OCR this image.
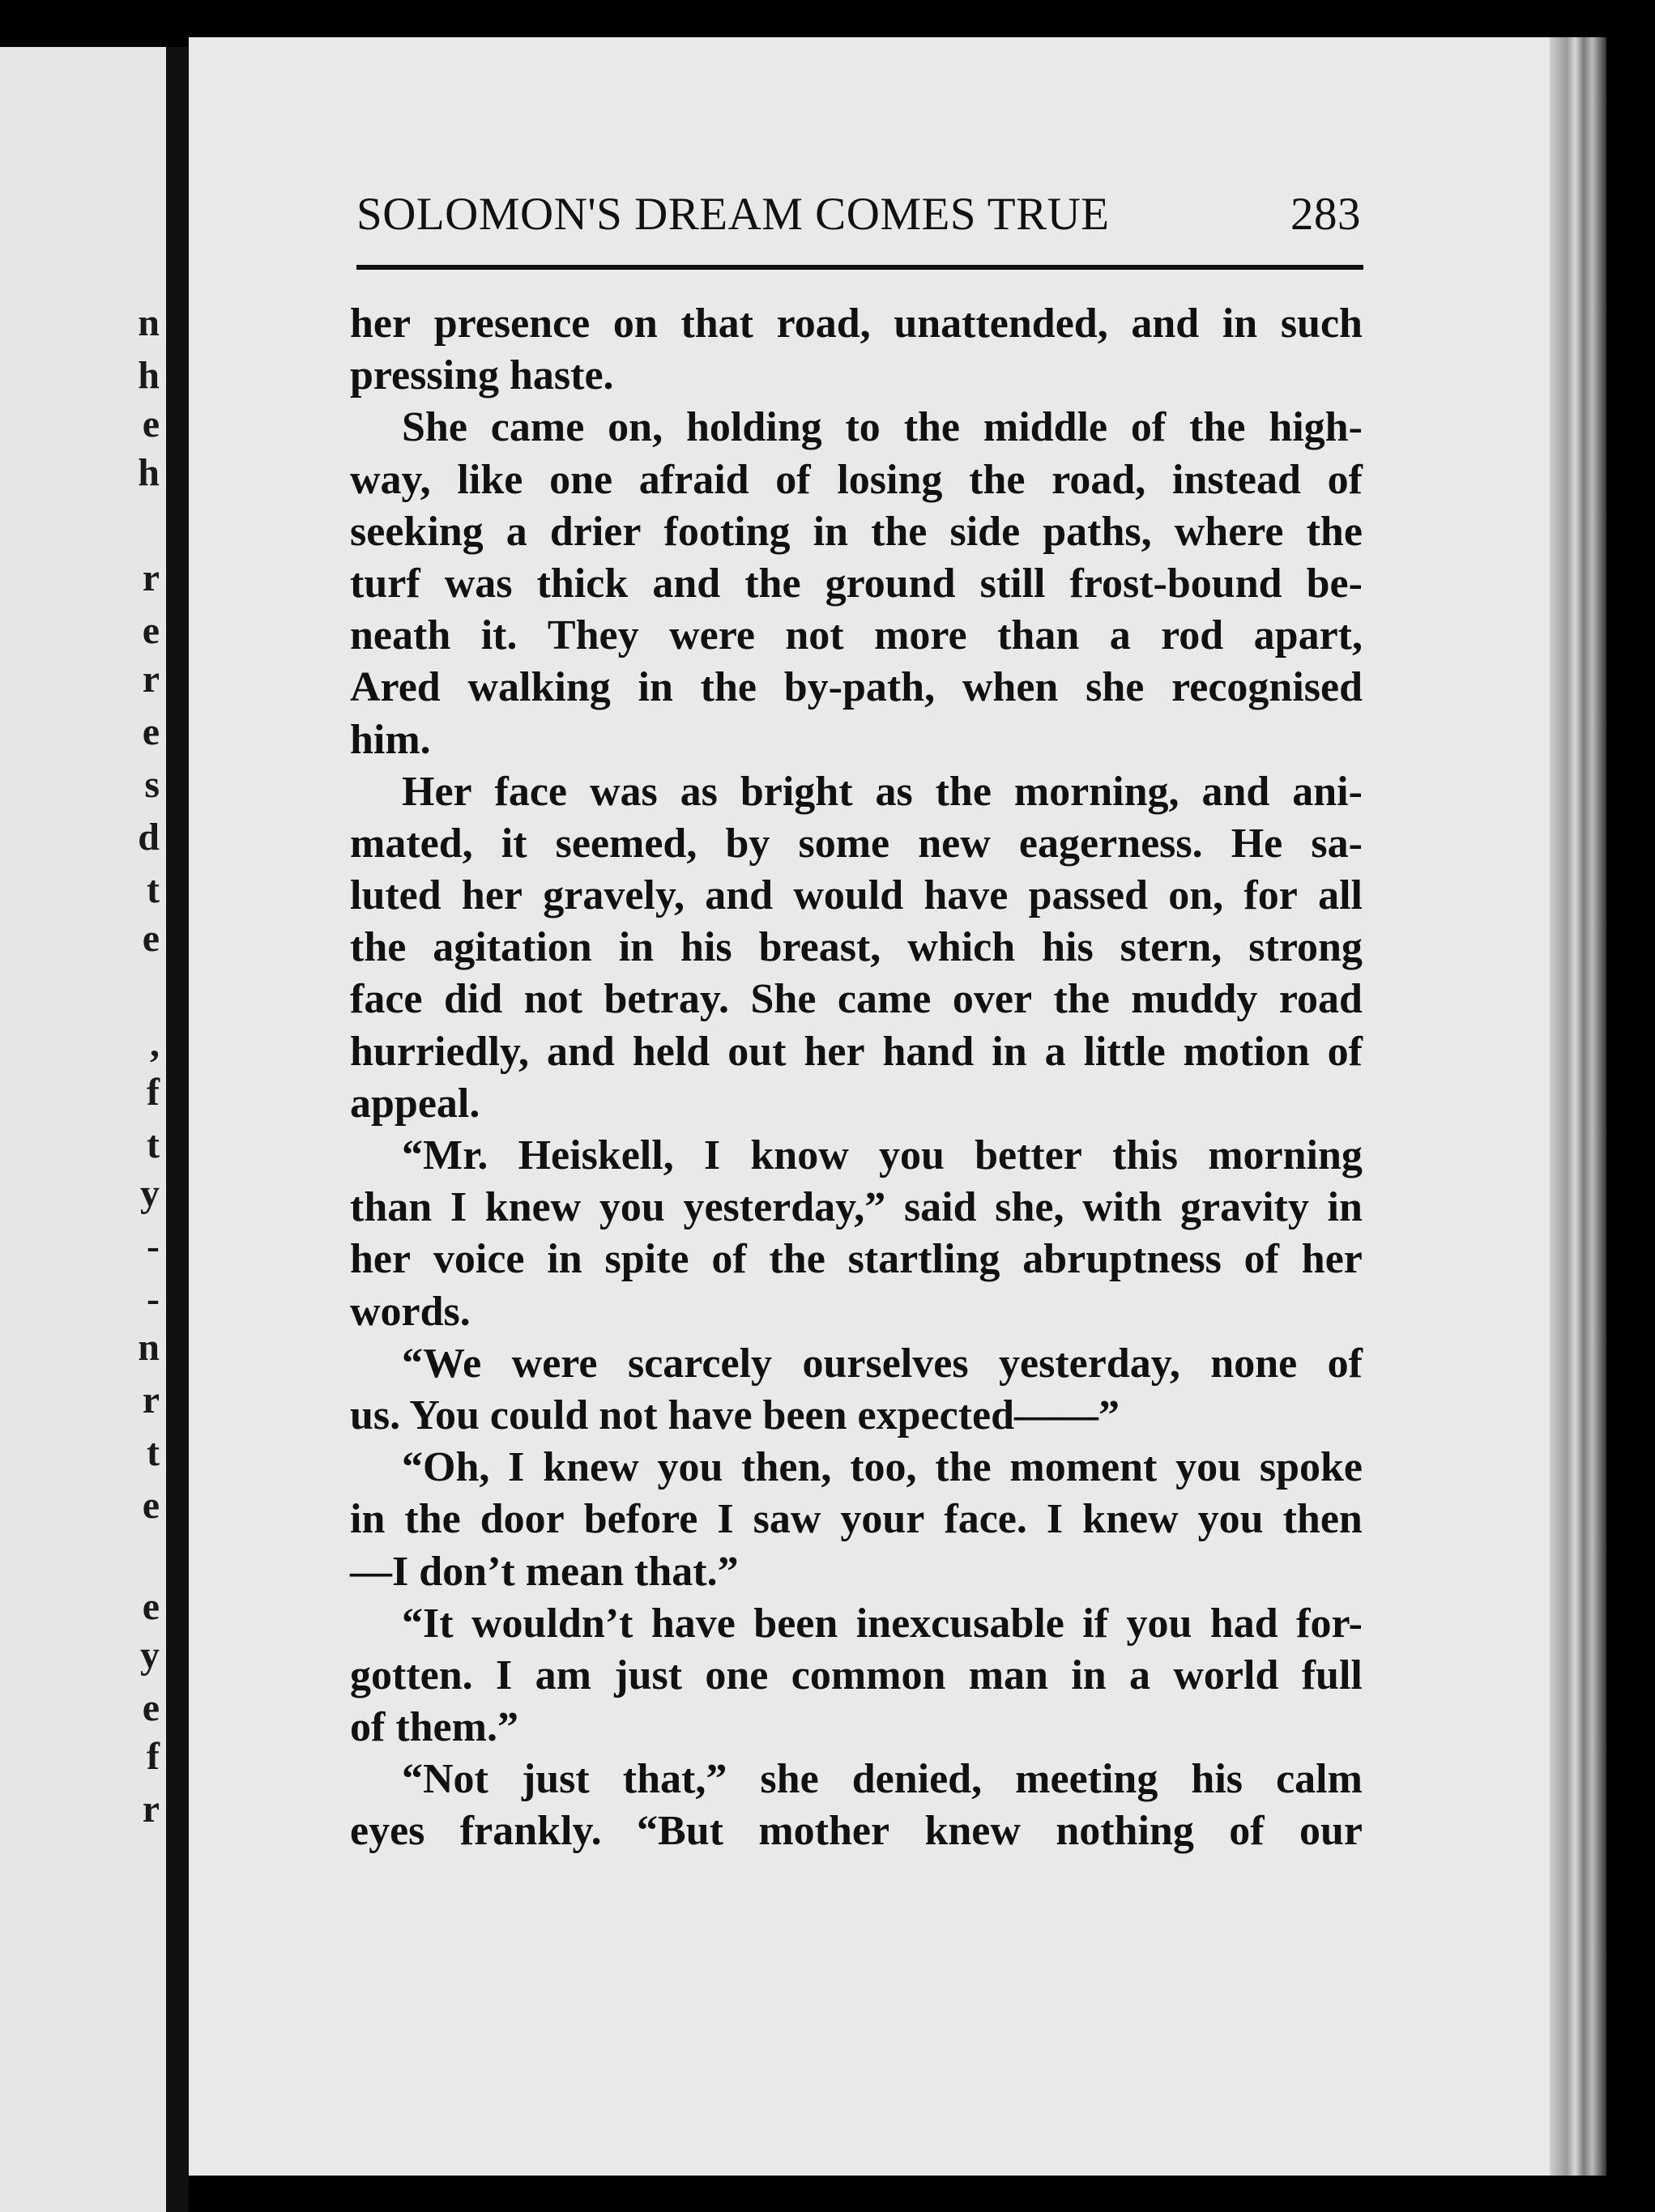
n
h
e
h
r
e
r
e
s
d
t
e
,
f
t
y
-
-
n
r
t
e
e
y
e
f
r
SOLOMON'S DREAM COMES TRUE	283
her presence on that road, unattended, and in such
pressing haste.
She came on, holding to the middle of the high-
way, like one afraid of losing the road, instead of
seeking a drier footing in the side paths, where the
turf was thick and the ground still frost-bound be-
neath it. They were not more than a rod apart,
Ared walking in the by-path, when she recognised
him.
Her face was as bright as the morning, and ani-
mated, it seemed, by some new eagerness. He sa-
luted her gravely, and would have passed on, for all
the agitation in his breast, which his stern, strong
face did not betray. She came over the muddy road
hurriedly, and held out her hand in a little motion of
appeal.
“Mr. Heiskell, I know you better this morning
than I knew you yesterday,” said she, with gravity in
her voice in spite of the startling abruptness of her
words.
“We were scarcely ourselves yesterday, none of
us. You could not have been expected——”
“Oh, I knew you then, too, the moment you spoke
in the door before I saw your face. I knew you then
—I don’t mean that.”
“It wouldn’t have been inexcusable if you had for-
gotten. I am just one common man in a world full
of them.”
“Not just that,” she denied, meeting his calm
eyes frankly. “But mother knew nothing of our
